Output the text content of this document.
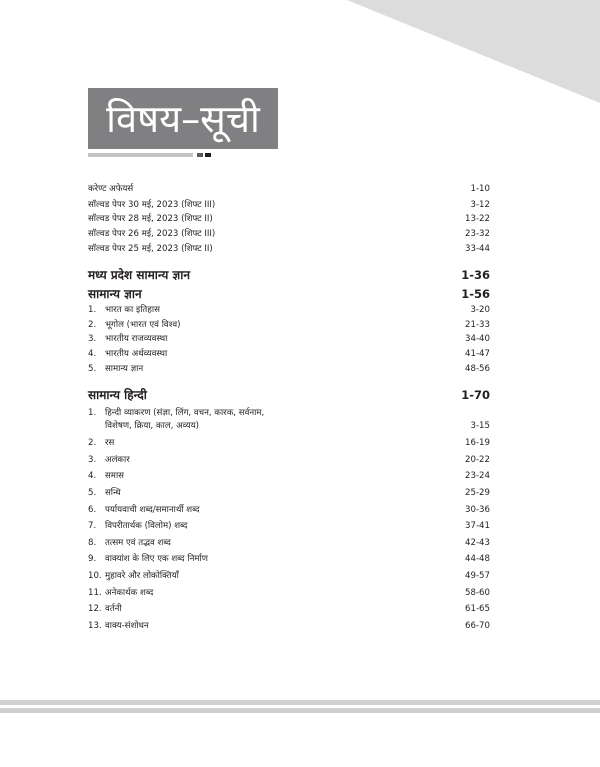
विषय–सूची
करेण्ट अफेयर्स	1-10
सॉल्वड पेपर 30 मई, 2023 (शिफ्ट III)	3-12
सॉल्वड पेपर 28 मई, 2023 (शिफ्ट II)	13-22
सॉल्वड पेपर 26 मई, 2023 (शिफ्ट III)	23-32
सॉल्वड पेपर 25 मई, 2023 (शिफ्ट II)	33-44
मध्य प्रदेश सामान्य ज्ञान	1-36
सामान्य ज्ञान	1-56
1.	भारत का इतिहास	3-20
2.	भूगोल (भारत एवं विश्व)	21-33
3.	भारतीय राजव्यवस्था	34-40
4.	भारतीय अर्थव्यवस्था	41-47
5.	सामान्य ज्ञान	48-56
सामान्य हिन्दी	1-70
1.	हिन्दी व्याकरण (संज्ञा, लिंग, वचन, कारक, सर्वनाम,
विशेषण, क्रिया, काल, अव्यय)	3-15
2.	रस	16-19
3.	अलंकार	20-22
4.	समास	23-24
5.	सन्धि	25-29
6.	पर्यायवाची शब्द/समानार्थी शब्द	30-36
7.	विपरीतार्थक (विलोम) शब्द	37-41
8.	तत्सम एवं तद्भव शब्द	42-43
9.	वाक्यांश के लिए एक शब्द निर्माण	44-48
10. मुहावरे और लोकोक्तियाँ	49-57
11. अनेकार्थक शब्द	58-60
12. वर्तनी	61-65
13. वाक्य-संशोधन	66-70
